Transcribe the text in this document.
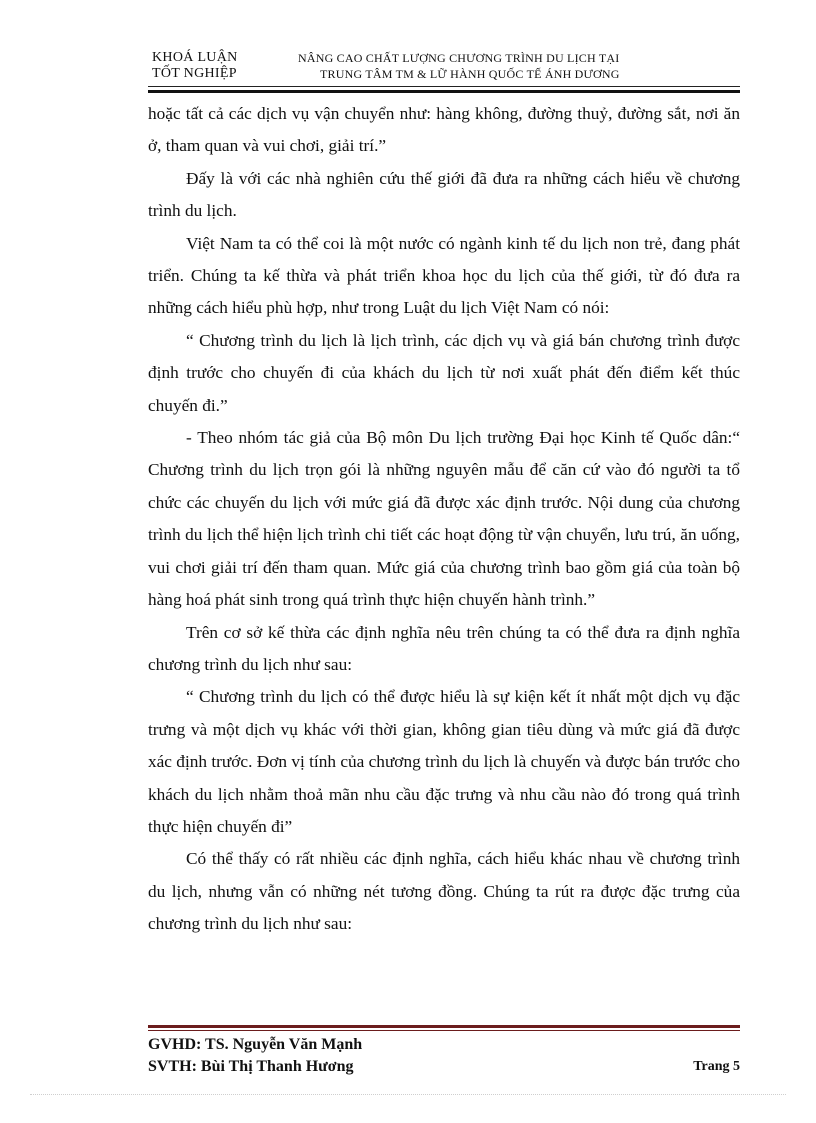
KHOÁ LUẬN
TỐT NGHIỆP
NÂNG CAO CHẤT LƯỢNG CHƯƠNG TRÌNH DU LỊCH TẠI
TRUNG TÂM TM & LỮ HÀNH QUỐC TẾ ÁNH DƯƠNG

hoặc tất cả các dịch vụ vận chuyển như: hàng không, đường thuỷ, đường sắt, nơi ăn ở, tham quan và vui chơi, giải trí.”

Đấy là với các nhà nghiên cứu thế giới đã đưa ra những cách hiểu về chương trình du lịch.

Việt Nam ta có thể coi là một nước có ngành kinh tế du lịch non trẻ, đang phát triển. Chúng ta kế thừa và phát triển khoa học du lịch của thế giới, từ đó đưa ra những cách hiểu phù hợp, như trong Luật du lịch Việt Nam có nói:

“ Chương trình du lịch là lịch trình, các dịch vụ và giá bán chương trình được định trước cho chuyến đi của khách du lịch từ nơi xuất phát đến điểm kết thúc chuyến đi.”

- Theo nhóm tác giả của Bộ môn Du lịch trường Đại học Kinh tế Quốc dân:“ Chương trình du lịch trọn gói là những nguyên mẫu để căn cứ vào đó người ta tổ chức các chuyến du lịch với mức giá đã được xác định trước. Nội dung của chương trình du lịch thể hiện lịch trình chi tiết các hoạt động từ vận chuyển, lưu trú, ăn uống, vui chơi giải trí đến tham quan. Mức giá của chương trình bao gồm giá của toàn bộ hàng hoá phát sinh trong quá trình thực hiện chuyến hành trình.”

Trên cơ sở kế thừa các định nghĩa nêu trên chúng ta có thể đưa ra định nghĩa chương trình du lịch như sau:

“ Chương trình du lịch có thể được hiểu là sự kiện kết ít nhất một dịch vụ đặc trưng và một dịch vụ khác với thời gian, không gian tiêu dùng và mức giá đã được xác định trước. Đơn vị tính của chương trình du lịch là chuyến và được bán trước cho khách du lịch nhằm thoả mãn nhu cầu đặc trưng và nhu cầu nào đó trong quá trình thực hiện chuyến đi”

Có thể thấy có rất nhiều các định nghĩa, cách hiểu khác nhau về chương trình du lịch, nhưng vẫn có những nét tương đồng. Chúng ta rút ra được đặc trưng của chương trình du lịch như sau:

GVHD: TS. Nguyễn Văn Mạnh
SVTH: Bùi Thị Thanh Hương	Trang 5
